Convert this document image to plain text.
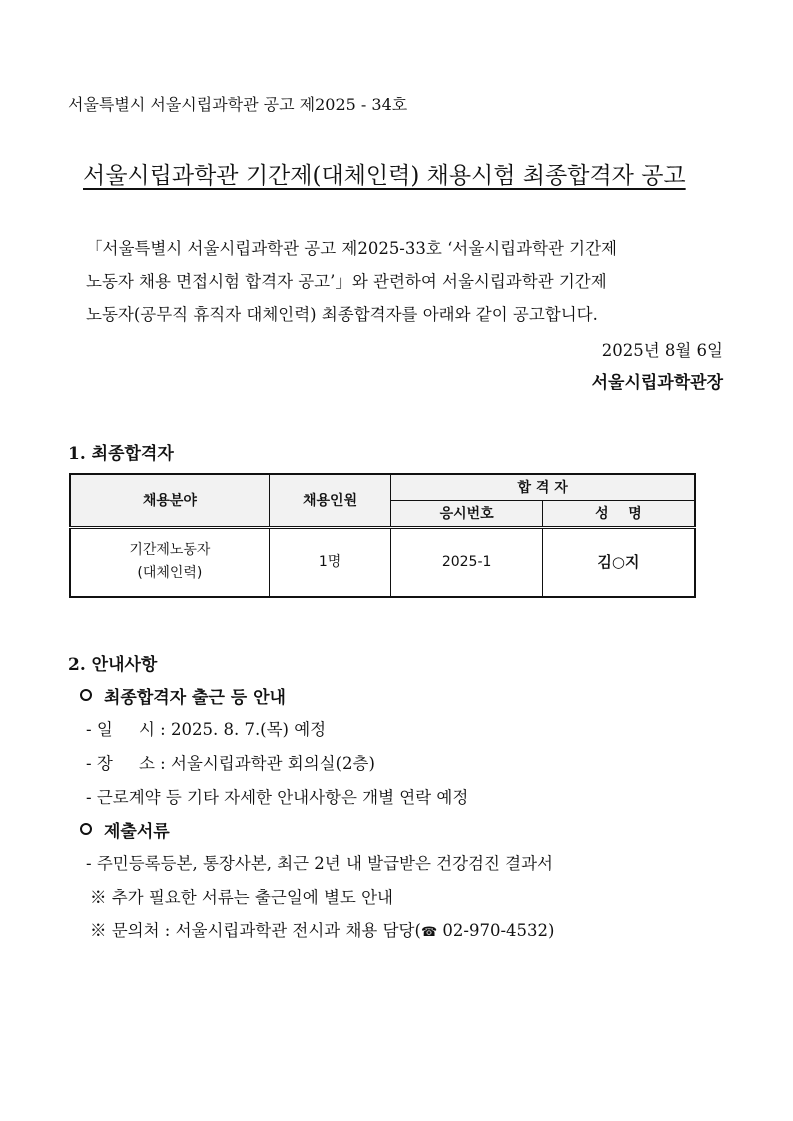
서울특별시 서울시립과학관 공고 제2025 - 34호
서울시립과학관 기간제(대체인력) 채용시험 최종합격자 공고
「서울특별시 서울시립과학관 공고 제2025-33호 ‘서울시립과학관 기간제
노동자 채용 면접시험 합격자 공고’」와 관련하여 서울시립과학관 기간제
노동자(공무직 휴직자 대체인력) 최종합격자를 아래와 같이 공고합니다.
2025년 8월 6일
서울시립과학관장
1. 최종합격자
채용분야	채용인원	합 격 자	
		응시번호	성    명

기간제노동자
(대체인력)	1명	2025-1	김○지
2. 안내사항
최종합격자 출근 등 안내
- 일     시 : 2025. 8. 7.(목) 예정
- 장     소 : 서울시립과학관 회의실(2층)
- 근로계약 등 기타 자세한 안내사항은 개별 연락 예정
제출서류
- 주민등록등본, 통장사본, 최근 2년 내 발급받은 건강검진 결과서
※ 추가 필요한 서류는 출근일에 별도 안내
※ 문의처 : 서울시립과학관 전시과 채용 담당(☎ 02-970-4532)
